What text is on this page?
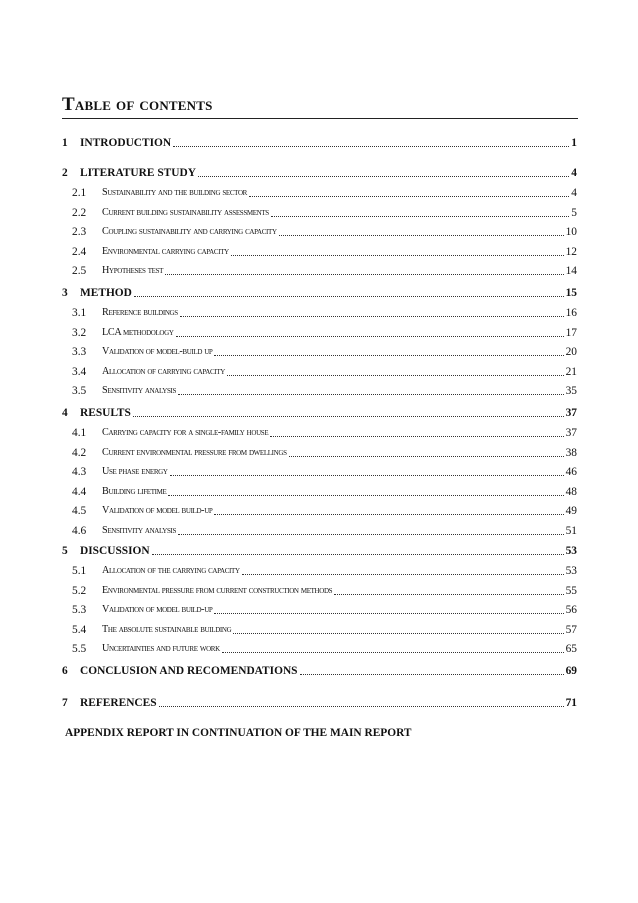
Table of contents
1	INTRODUCTION	1
2	LITERATURE STUDY	4
2.1	Sustainability and the building sector	4
2.2	Current building sustainability assessments	5
2.3	Coupling sustainability and carrying capacity	10
2.4	Environmental carrying capacity	12
2.5	Hypotheses test	14
3	METHOD	15
3.1	Reference buildings	16
3.2	LCA methodology	17
3.3	Validation of model-build up	20
3.4	Allocation of carrying capacity	21
3.5	Sensitivity analysis	35
4	RESULTS	37
4.1	Carrying capacity for a single-family house	37
4.2	Current environmental pressure from dwellings	38
4.3	Use phase energy	46
4.4	Building lifetime	48
4.5	Validation of model build-up	49
4.6	Sensitivity analysis	51
5	DISCUSSION	53
5.1	Allocation of the carrying capacity	53
5.2	Environmental pressure from current construction methods	55
5.3	Validation of model build-up	56
5.4	The absolute sustainable building	57
5.5	Uncertainties and future work	65
6	CONCLUSION AND RECOMENDATIONS	69
7	REFERENCES	71
APPENDIX REPORT IN CONTINUATION OF THE MAIN REPORT
